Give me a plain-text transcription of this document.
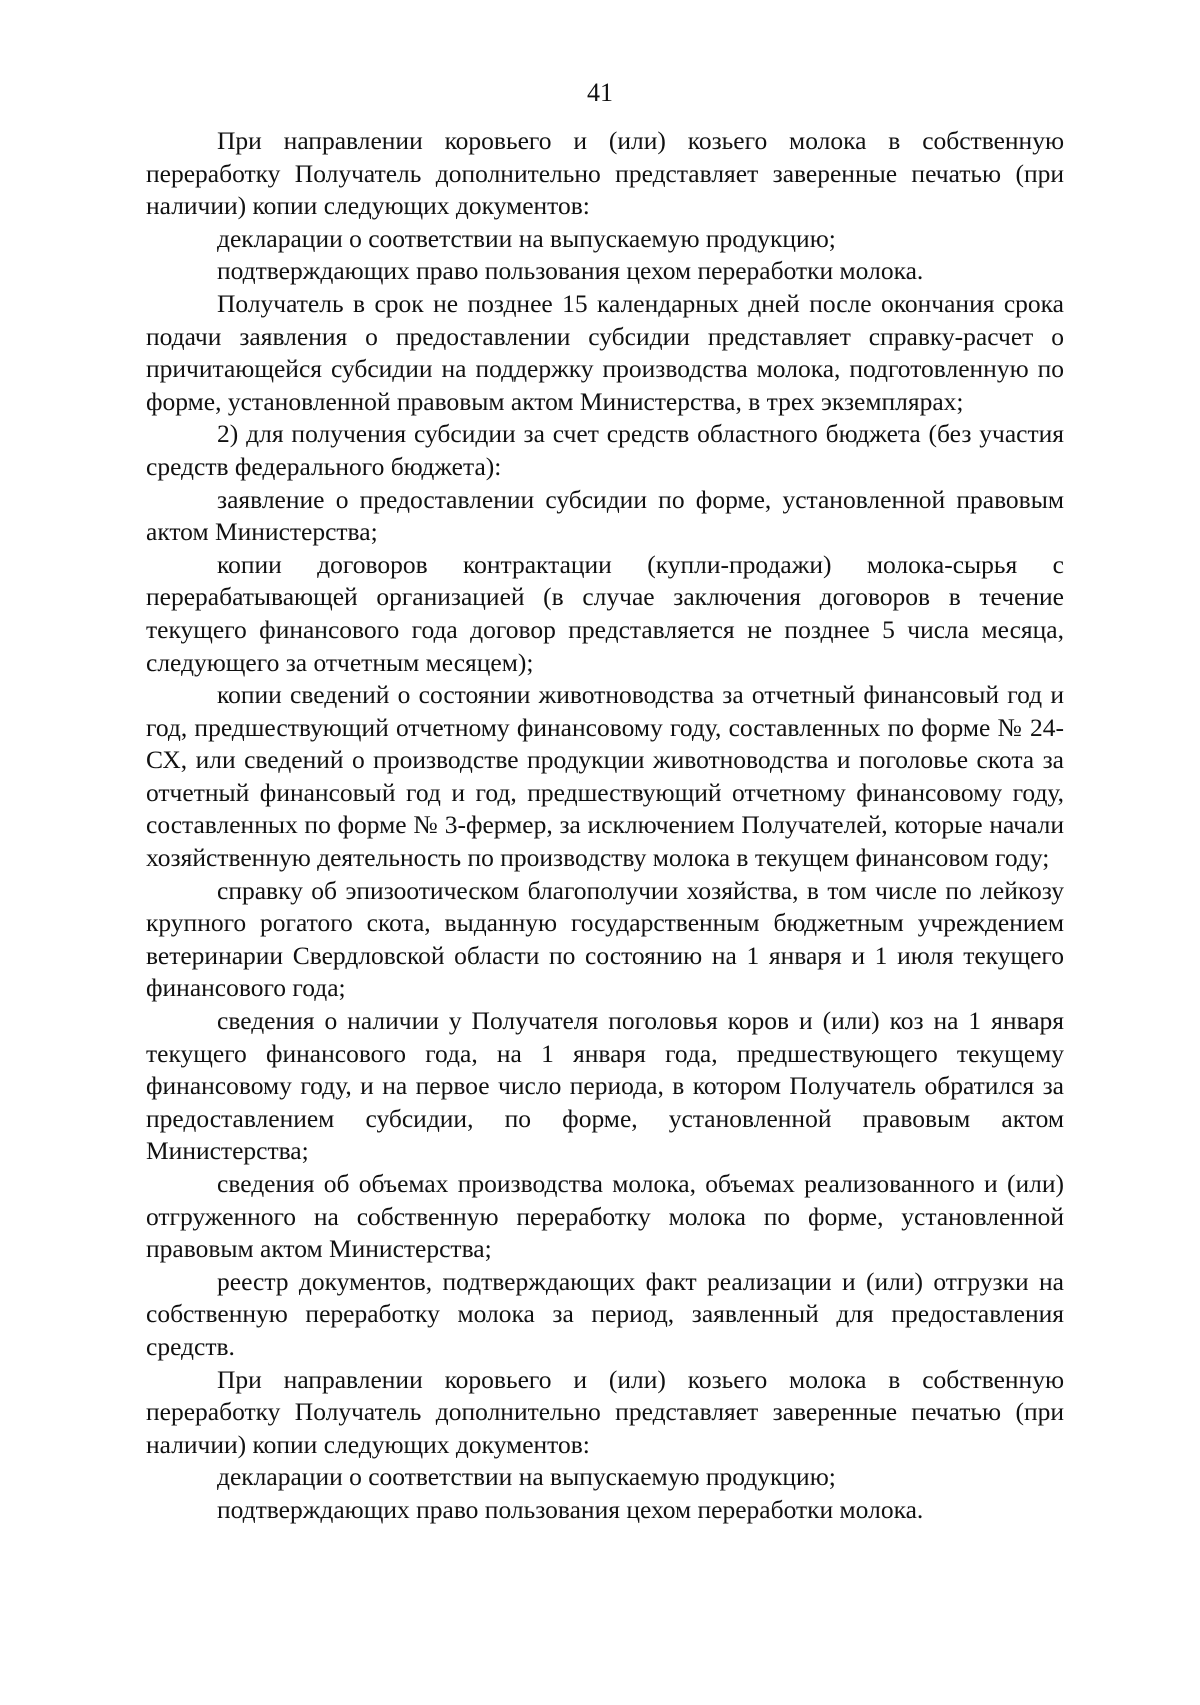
41

При направлении коровьего и (или) козьего молока в собственную переработку Получатель дополнительно представляет заверенные печатью (при наличии) копии следующих документов:

декларации о соответствии на выпускаемую продукцию;

подтверждающих право пользования цехом переработки молока.

Получатель в срок не позднее 15 календарных дней после окончания срока подачи заявления о предоставлении субсидии представляет справку-расчет о причитающейся субсидии на поддержку производства молока, подготовленную по форме, установленной правовым актом Министерства, в трех экземплярах;

2) для получения субсидии за счет средств областного бюджета (без участия средств федерального бюджета):

заявление о предоставлении субсидии по форме, установленной правовым актом Министерства;

копии договоров контрактации (купли-продажи) молока-сырья с перерабатывающей организацией (в случае заключения договоров в течение текущего финансового года договор представляется не позднее 5 числа месяца, следующего за отчетным месяцем);

копии сведений о состоянии животноводства за отчетный финансовый год и год, предшествующий отчетному финансовому году, составленных по форме № 24-СХ, или сведений о производстве продукции животноводства и поголовье скота за отчетный финансовый год и год, предшествующий отчетному финансовому году, составленных по форме № 3-фермер, за исключением Получателей, которые начали хозяйственную деятельность по производству молока в текущем финансовом году;

справку об эпизоотическом благополучии хозяйства, в том числе по лейкозу крупного рогатого скота, выданную государственным бюджетным учреждением ветеринарии Свердловской области по состоянию на 1 января и 1 июля текущего финансового года;

сведения о наличии у Получателя поголовья коров и (или) коз на 1 января текущего финансового года, на 1 января года, предшествующего текущему финансовому году, и на первое число периода, в котором Получатель обратился за предоставлением субсидии, по форме, установленной правовым актом Министерства;

сведения об объемах производства молока, объемах реализованного и (или) отгруженного на собственную переработку молока по форме, установленной правовым актом Министерства;

реестр документов, подтверждающих факт реализации и (или) отгрузки на собственную переработку молока за период, заявленный для предоставления средств.

При направлении коровьего и (или) козьего молока в собственную переработку Получатель дополнительно представляет заверенные печатью (при наличии) копии следующих документов:

декларации о соответствии на выпускаемую продукцию;

подтверждающих право пользования цехом переработки молока.
